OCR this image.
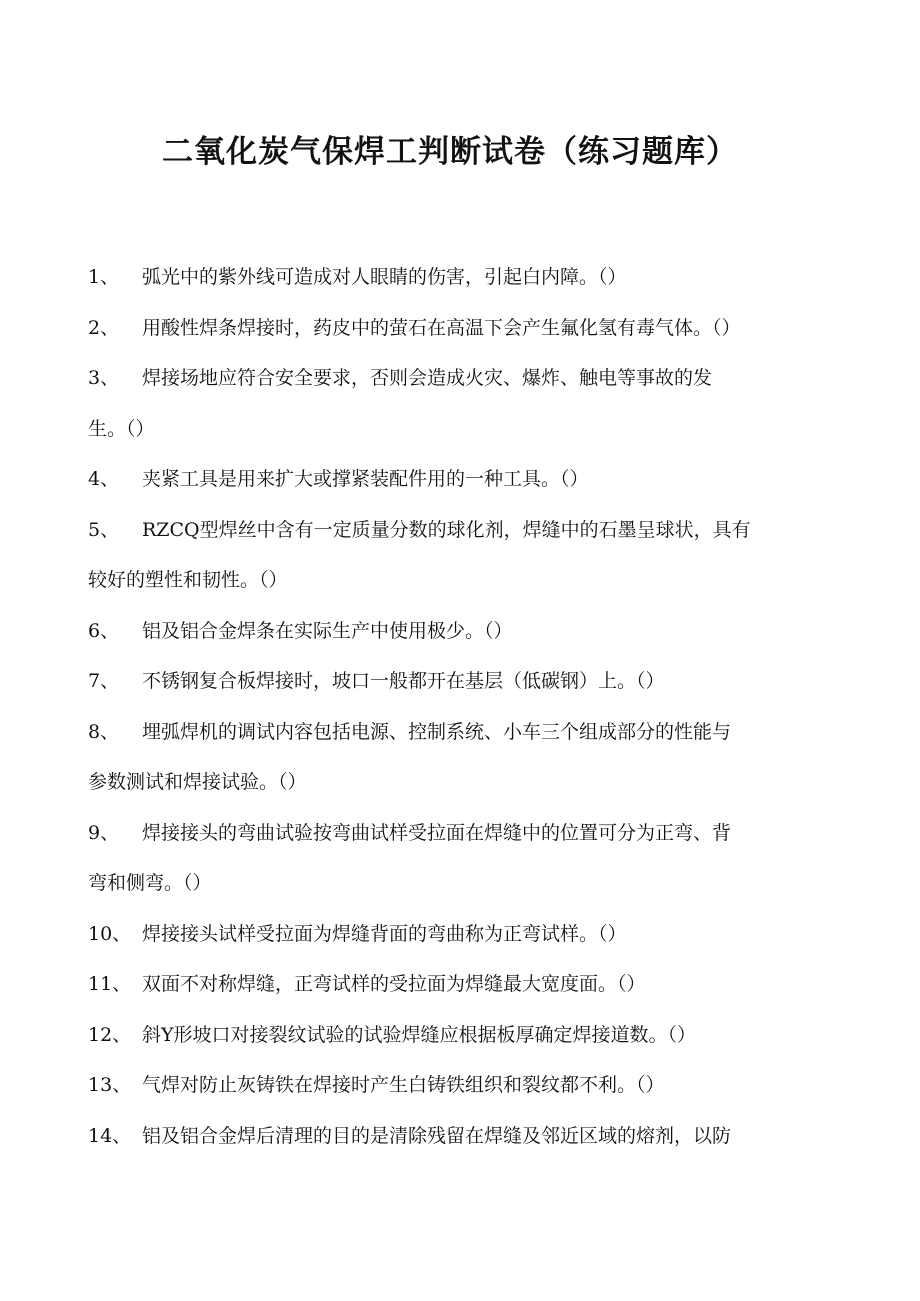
二氧化炭气保焊工判断试卷（练习题库）
1、 弧光中的紫外线可造成对人眼睛的伤害，引起白内障。（）
2、 用酸性焊条焊接时，药皮中的萤石在高温下会产生氟化氢有毒气体。（）
3、 焊接场地应符合安全要求，否则会造成火灾、爆炸、触电等事故的发
生。（）
4、 夹紧工具是用来扩大或撑紧装配件用的一种工具。（）
5、 RZCQ型焊丝中含有一定质量分数的球化剂，焊缝中的石墨呈球状，具有
较好的塑性和韧性。（）
6、 铝及铝合金焊条在实际生产中使用极少。（）
7、 不锈钢复合板焊接时，坡口一般都开在基层（低碳钢）上。（）
8、 埋弧焊机的调试内容包括电源、控制系统、小车三个组成部分的性能与
参数测试和焊接试验。（）
9、 焊接接头的弯曲试验按弯曲试样受拉面在焊缝中的位置可分为正弯、背
弯和侧弯。（）
10、 焊接接头试样受拉面为焊缝背面的弯曲称为正弯试样。（）
11、 双面不对称焊缝，正弯试样的受拉面为焊缝最大宽度面。（）
12、 斜Y形坡口对接裂纹试验的试验焊缝应根据板厚确定焊接道数。（）
13、 气焊对防止灰铸铁在焊接时产生白铸铁组织和裂纹都不利。（）
14、 铝及铝合金焊后清理的目的是清除残留在焊缝及邻近区域的熔剂，以防
